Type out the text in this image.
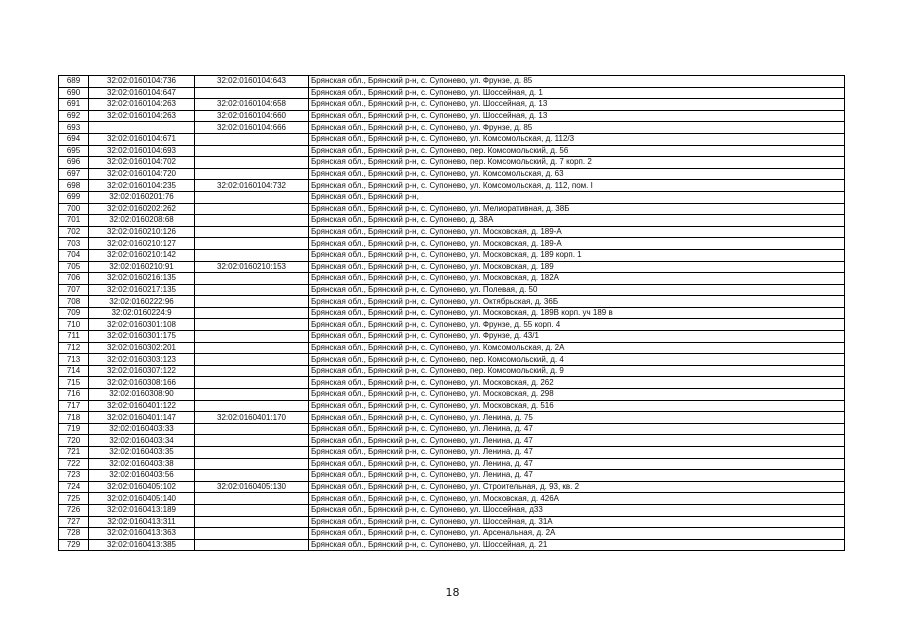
689	32:02:0160104:736	32:02:0160104:643	Брянская обл., Брянский р-н, с. Супонево, ул. Фрунзе, д. 85
690	32:02:0160104:647		Брянская обл., Брянский р-н, с. Супонево, ул. Шоссейная, д. 1
691	32:02:0160104:263	32:02:0160104:658	Брянская обл., Брянский р-н, с. Супонево, ул. Шоссейная, д. 13
692	32:02:0160104:263	32:02:0160104:660	Брянская обл., Брянский р-н, с. Супонево, ул. Шоссейная, д. 13
693		32:02:0160104:666	Брянская обл., Брянский р-н, с. Супонево, ул. Фрунзе, д. 85
694	32:02:0160104:671		Брянская обл., Брянский р-н, с. Супонево, ул. Комсомольская, д. 112/3
695	32:02:0160104:693		Брянская обл., Брянский р-н, с. Супонево, пер. Комсомольский, д. 56
696	32:02:0160104:702		Брянская обл., Брянский р-н, с. Супонево, пер. Комсомольский, д. 7 корп. 2
697	32:02:0160104:720		Брянская обл., Брянский р-н, с. Супонево, ул. Комсомольская, д. 63
698	32:02:0160104:235	32:02:0160104:732	Брянская обл., Брянский р-н, с. Супонево, ул. Комсомольская, д. 112, пом. I
699	32:02:0160201:76		Брянская обл., Брянский р-н,
700	32:02:0160202:262		Брянская обл., Брянский р-н, с. Супонево, ул. Мелиоративная, д. 38Б
701	32:02:0160208:68		Брянская обл., Брянский р-н, с. Супонево, д. 38А
702	32:02:0160210:126		Брянская обл., Брянский р-н, с. Супонево, ул. Московская, д. 189-А
703	32:02:0160210:127		Брянская обл., Брянский р-н, с. Супонево, ул. Московская, д. 189-А
704	32:02:0160210:142		Брянская обл., Брянский р-н, с. Супонево, ул. Московская, д. 189 корп. 1
705	32:02:0160210:91	32:02:0160210:153	Брянская обл., Брянский р-н, с. Супонево, ул. Московская, д. 189
706	32:02:0160216:135		Брянская обл., Брянский р-н, с. Супонево, ул. Московская, д. 182А
707	32:02:0160217:135		Брянская обл., Брянский р-н, с. Супонево, ул. Полевая, д. 50
708	32:02:0160222:96		Брянская обл., Брянский р-н, с. Супонево, ул. Октябрьская, д. 36Б
709	32:02:0160224:9		Брянская обл., Брянский р-н, с. Супонево, ул. Московская, д. 189В корп. уч 189 в
710	32:02:0160301:108		Брянская обл., Брянский р-н, с. Супонево, ул. Фрунзе, д. 55 корп. 4
711	32:02:0160301:175		Брянская обл., Брянский р-н, с. Супонево, ул. Фрунзе, д. 43/1
712	32:02:0160302:201		Брянская обл., Брянский р-н, с. Супонево, ул. Комсомольская, д. 2А
713	32:02:0160303:123		Брянская обл., Брянский р-н, с. Супонево, пер. Комсомольский, д. 4
714	32:02:0160307:122		Брянская обл., Брянский р-н, с. Супонево, пер. Комсомольский, д. 9
715	32:02:0160308:166		Брянская обл., Брянский р-н, с. Супонево, ул. Московская, д. 262
716	32:02:0160308:90		Брянская обл., Брянский р-н, с. Супонево, ул. Московская, д. 298
717	32:02:0160401:122		Брянская обл., Брянский р-н, с. Супонево, ул. Московская, д. 516
718	32:02:0160401:147	32:02:0160401:170	Брянская обл., Брянский р-н, с. Супонево, ул. Ленина, д. 75
719	32:02:0160403:33		Брянская обл., Брянский р-н, с. Супонево, ул. Ленина, д. 47
720	32:02:0160403:34		Брянская обл., Брянский р-н, с. Супонево, ул. Ленина, д. 47
721	32:02:0160403:35		Брянская обл., Брянский р-н, с. Супонево, ул. Ленина, д. 47
722	32:02:0160403:38		Брянская обл., Брянский р-н, с. Супонево, ул. Ленина, д. 47
723	32:02:0160403:56		Брянская обл., Брянский р-н, с. Супонево, ул. Ленина, д. 47
724	32:02:0160405:102	32:02:0160405:130	Брянская обл., Брянский р-н, с. Супонево, ул. Строительная, д. 93, кв. 2
725	32:02:0160405:140		Брянская обл., Брянский р-н, с. Супонево, ул. Московская, д. 426А
726	32:02:0160413:189		Брянская обл., Брянский р-н, с. Супонево, ул. Шоссейная, д33
727	32:02:0160413:311		Брянская обл., Брянский р-н, с. Супонево, ул. Шоссейная, д. 31А
728	32:02:0160413:363		Брянская обл., Брянский р-н, с. Супонево, ул. Арсенальная, д. 2А
729	32:02:0160413:385		Брянская обл., Брянский р-н, с. Супонево, ул. Шоссейная, д. 21
18
